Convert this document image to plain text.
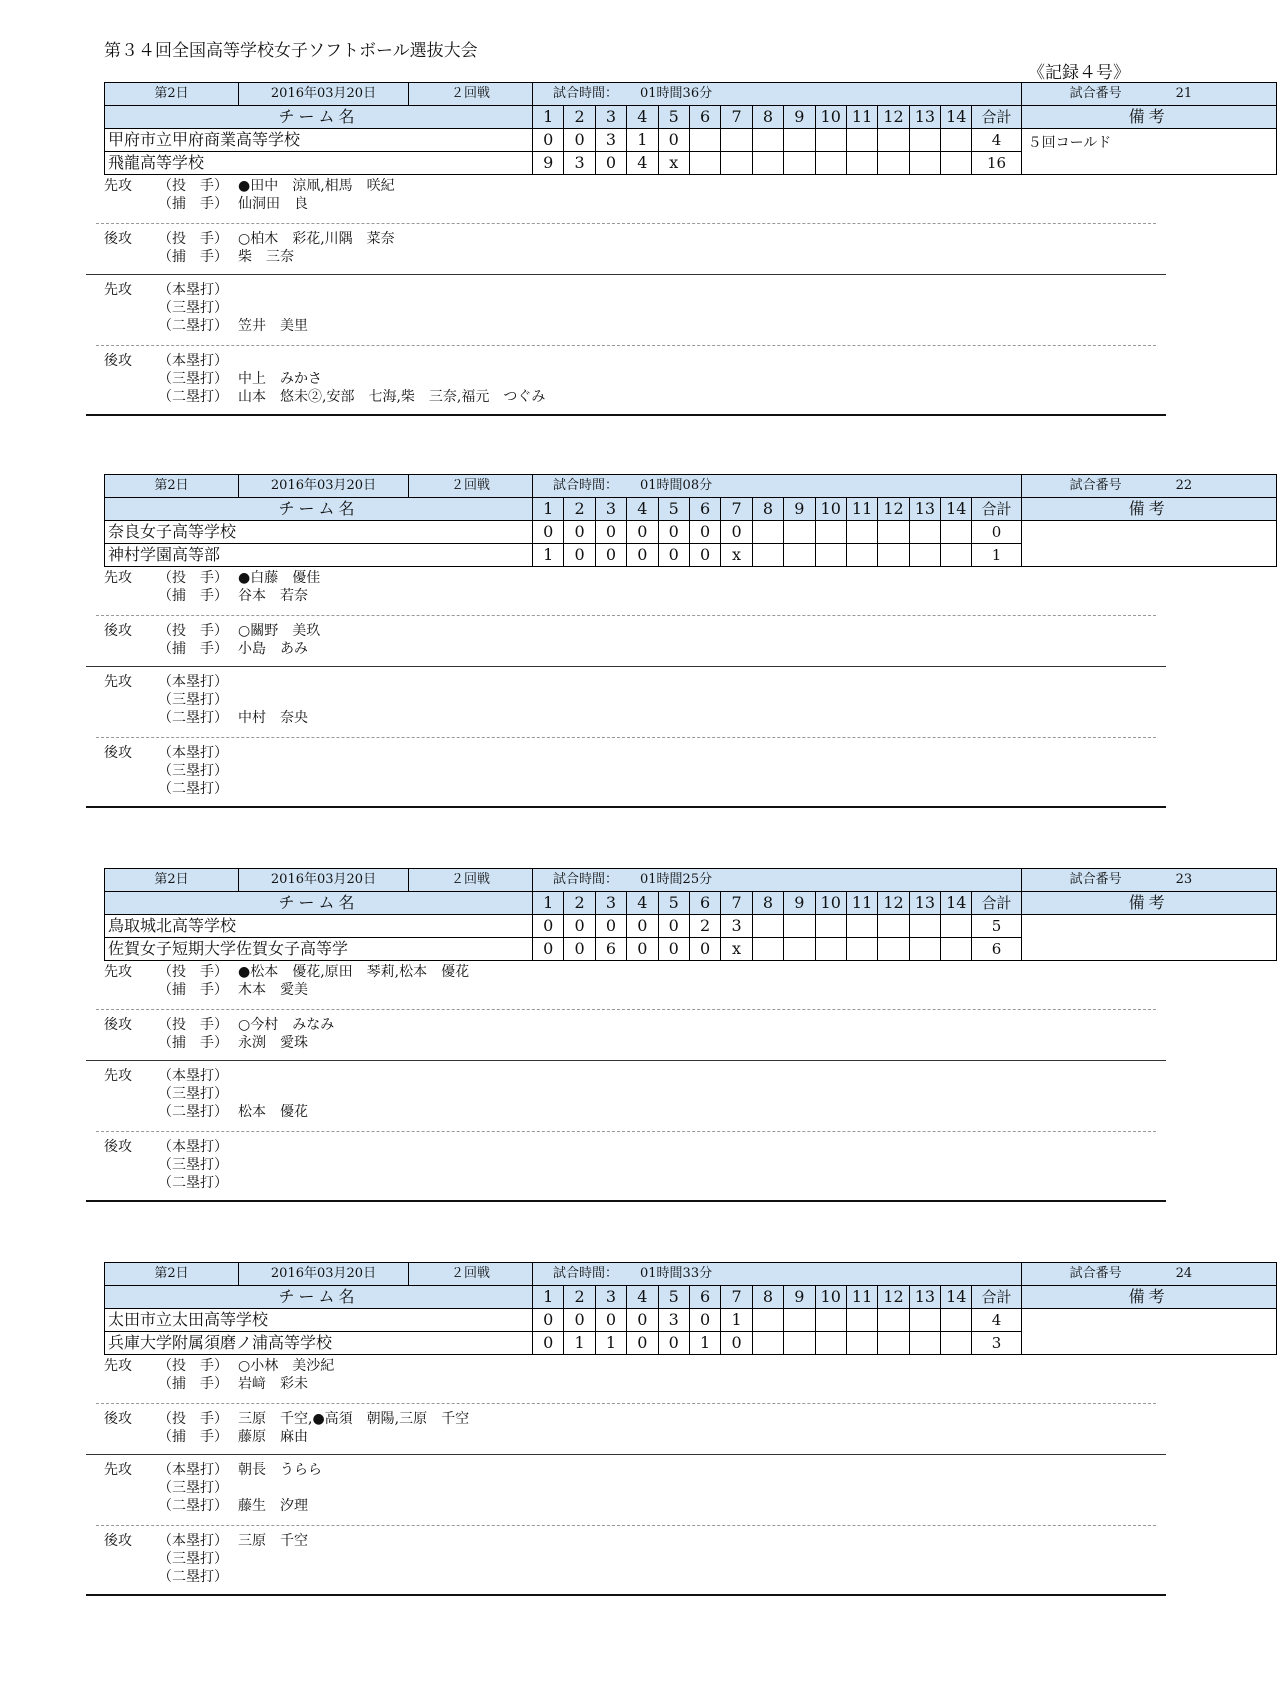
第３４回全国高等学校女子ソフトボール選抜大会
《記録４号》
第2日	2016年03月20日	２回戦	試合時間： 01時間36分															試合番号 21
チーム名			1	2	3	4	5	6	7	8	9	10	11	12	13	14	合計	備考
甲府市立甲府商業高等学校			0	0	3	1	0										4	５回コールド
飛龍高等学校			9	3	0	4	x										16	
先攻	（投　手） ●田中　涼凧,相馬　咲紀
（捕　手） 仙洞田　良
後攻	（投　手） ○柏木　彩花,川隅　菜奈
（捕　手） 柴　三奈
先攻	（本塁打）
（三塁打）
（二塁打） 笠井　美里
後攻	（本塁打）
（三塁打） 中上　みかさ
（二塁打） 山本　悠未②,安部　七海,柴　三奈,福元　つぐみ
第2日	2016年03月20日	２回戦	試合時間： 01時間08分															試合番号 22
チーム名			1	2	3	4	5	6	7	8	9	10	11	12	13	14	合計	備考
奈良女子高等学校			0	0	0	0	0	0	0								0	
神村学園高等部			1	0	0	0	0	0	x								1	
先攻	（投　手） ●白藤　優佳
（捕　手） 谷本　若奈
後攻	（投　手） ○關野　美玖
（捕　手） 小島　あみ
先攻	（本塁打）
（三塁打）
（二塁打） 中村　奈央
後攻	（本塁打）
（三塁打）
（二塁打）
第2日	2016年03月20日	２回戦	試合時間： 01時間25分															試合番号 23
チーム名			1	2	3	4	5	6	7	8	9	10	11	12	13	14	合計	備考
鳥取城北高等学校			0	0	0	0	0	2	3								5	
佐賀女子短期大学佐賀女子高等学			0	0	6	0	0	0	x								6	
先攻	（投　手） ●松本　優花,原田　琴莉,松本　優花
（捕　手） 木本　愛美
後攻	（投　手） ○今村　みなみ
（捕　手） 永渕　愛珠
先攻	（本塁打）
（三塁打）
（二塁打） 松本　優花
後攻	（本塁打）
（三塁打）
（二塁打）
第2日	2016年03月20日	２回戦	試合時間： 01時間33分															試合番号 24
チーム名			1	2	3	4	5	6	7	8	9	10	11	12	13	14	合計	備考
太田市立太田高等学校			0	0	0	0	3	0	1								4	
兵庫大学附属須磨ノ浦高等学校			0	1	1	0	0	1	0								3	
先攻	（投　手） ○小林　美沙紀
（捕　手） 岩﨑　彩未
後攻	（投　手） 三原　千空,●高須　朝陽,三原　千空
（捕　手） 藤原　麻由
先攻	（本塁打） 朝長　うらら
（三塁打）
（二塁打） 藤生　汐理
後攻	（本塁打） 三原　千空
（三塁打）
（二塁打）
